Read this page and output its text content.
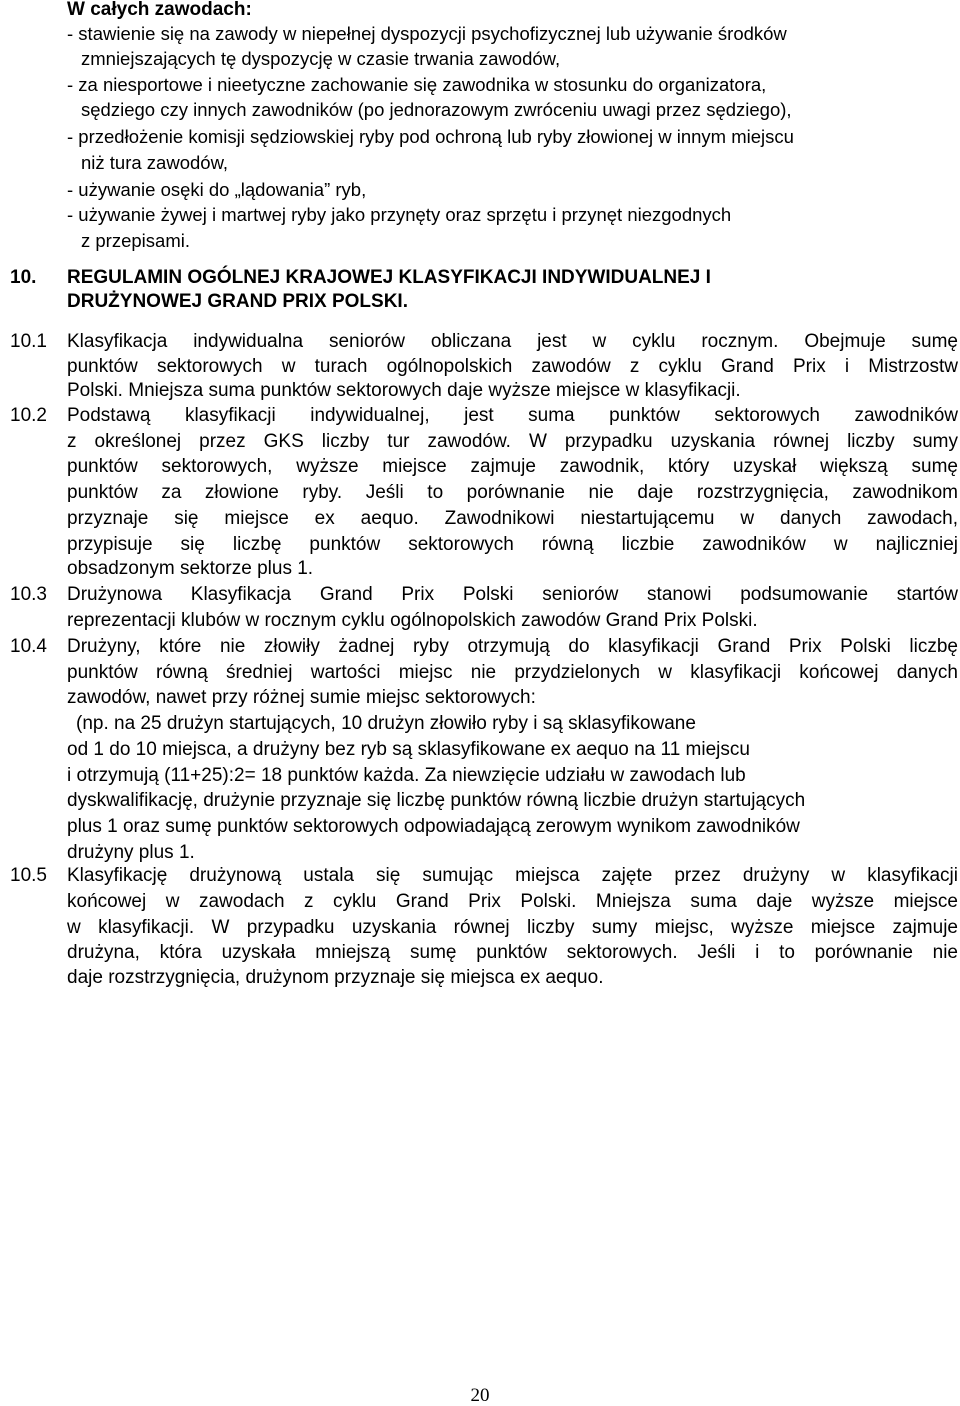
W całych zawodach:
- stawienie się na zawody w niepełnej dyspozycji psychofizycznej lub używanie środków
zmniejszających tę dyspozycję w czasie trwania zawodów,
- za niesportowe i nieetyczne zachowanie się zawodnika w stosunku do organizatora,
sędziego czy innych zawodników (po jednorazowym zwróceniu uwagi przez sędziego),
- przedłożenie komisji sędziowskiej ryby pod ochroną lub ryby złowionej w innym miejscu
niż tura zawodów,
- używanie osęki do „lądowania” ryb,
- używanie żywej i martwej ryby jako przynęty oraz sprzętu i przynęt niezgodnych
z przepisami.
10. REGULAMIN OGÓLNEJ KRAJOWEJ KLASYFIKACJI INDYWIDUALNEJ I
DRUŻYNOWEJ GRAND PRIX POLSKI.
10.1 Klasyfikacja indywidualna seniorów obliczana jest w cyklu rocznym. Obejmuje sumę
punktów sektorowych w turach ogólnopolskich zawodów z cyklu Grand Prix i Mistrzostw
Polski. Mniejsza suma punktów sektorowych daje wyższe miejsce w klasyfikacji.
10.2 Podstawą klasyfikacji indywidualnej, jest suma punktów sektorowych zawodników
z określonej przez GKS liczby tur zawodów. W przypadku uzyskania równej liczby sumy
punktów sektorowych, wyższe miejsce zajmuje zawodnik, który uzyskał większą sumę
punktów za złowione ryby. Jeśli to porównanie nie daje rozstrzygnięcia, zawodnikom
przyznaje się miejsce ex aequo. Zawodnikowi niestartującemu w danych zawodach,
przypisuje się liczbę punktów sektorowych równą liczbie zawodników w najliczniej
obsadzonym sektorze plus 1.
10.3 Drużynowa Klasyfikacja Grand Prix Polski seniorów stanowi podsumowanie startów
reprezentacji klubów w rocznym cyklu ogólnopolskich zawodów Grand Prix Polski.
10.4 Drużyny, które nie złowiły żadnej ryby otrzymują do klasyfikacji Grand Prix Polski liczbę
punktów równą średniej wartości miejsc nie przydzielonych w klasyfikacji końcowej danych
zawodów, nawet przy różnej sumie miejsc sektorowych:
(np. na 25 drużyn startujących, 10 drużyn złowiło ryby i są sklasyfikowane
od 1 do 10 miejsca, a drużyny bez ryb są sklasyfikowane ex aequo na 11 miejscu
i otrzymują (11+25):2= 18 punktów każda. Za niewzięcie udziału w zawodach lub
dyskwalifikację, drużynie przyznaje się liczbę punktów równą liczbie drużyn startujących
plus 1 oraz sumę punktów sektorowych odpowiadającą zerowym wynikom zawodników
drużyny plus 1.
10.5 Klasyfikację drużynową ustala się sumując miejsca zajęte przez drużyny w klasyfikacji
końcowej w zawodach z cyklu Grand Prix Polski. Mniejsza suma daje wyższe miejsce
w klasyfikacji. W przypadku uzyskania równej liczby sumy miejsc, wyższe miejsce zajmuje
drużyna, która uzyskała mniejszą sumę punktów sektorowych. Jeśli i to porównanie nie
daje rozstrzygnięcia, drużynom przyznaje się miejsca ex aequo.
20
